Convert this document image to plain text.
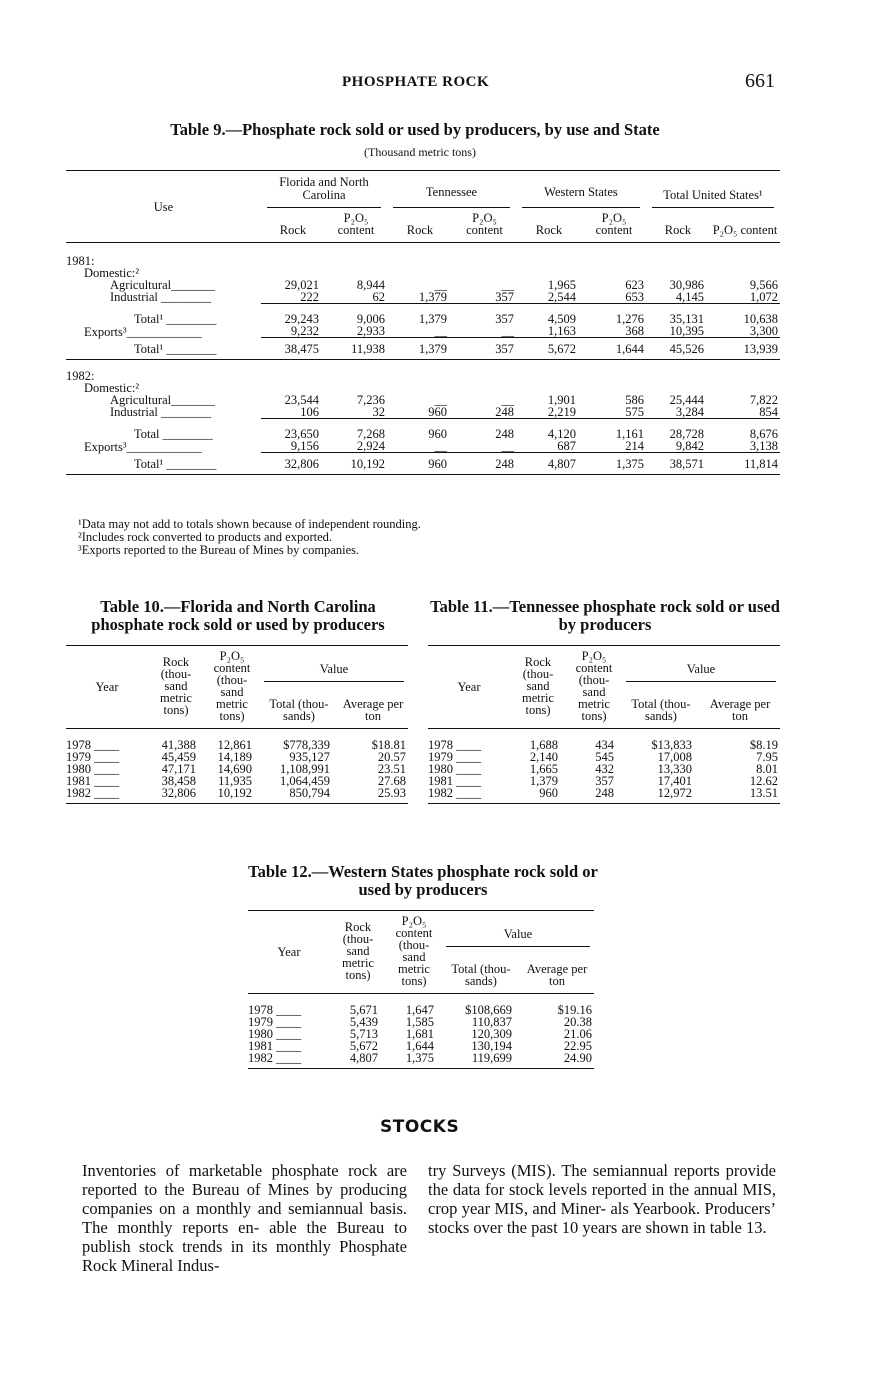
PHOSPHATE ROCK	661
Table 9.—Phosphate rock sold or used by producers, by use and State
(Thousand metric tons)
Use	Florida and North Carolina		Tennessee		Western States		Total United States¹	

	Rock	P₂O₅ content	Rock	P₂O₅ content	Rock	P₂O₅ content	Rock	P₂O₅ content
1981:								
Domestic:²								
Agricultural_______	29,021	8,944	__	__	1,965	623	30,986	9,566
Industrial ________	222	62	1,379	357	2,544	653	4,145	1,072
Total¹ ________	29,243	9,006	1,379	357	4,509	1,276	35,131	10,638
Exports³____________	9,232	2,933	__	__	1,163	368	10,395	3,300
Total¹ ________	38,475	11,938	1,379	357	5,672	1,644	45,526	13,939
1982:								
Domestic:²								
Agricultural_______	23,544	7,236	__	__	1,901	586	25,444	7,822
Industrial ________	106	32	960	248	2,219	575	3,284	854
Total ________	23,650	7,268	960	248	4,120	1,161	28,728	8,676
Exports³____________	9,156	2,924	__	__	687	214	9,842	3,138
Total¹ ________	32,806	10,192	960	248	4,807	1,375	38,571	11,814
¹Data may not add to totals shown because of independent rounding.
²Includes rock converted to products and exported.
³Exports reported to the Bureau of Mines by companies.
Table 10.—Florida and North Carolina phosphate rock sold or used by producers
Year	Rock (thou- sand metric tons)	P₂O₅ content (thou- sand metric tons)	Value	

			Total (thou- sands)	Average per ton
1978 ____	41,388	12,861	$778,339	$18.81
1979 ____	45,459	14,189	935,127	20.57
1980 ____	47,171	14,690	1,108,991	23.51
1981 ____	38,458	11,935	1,064,459	27.68
1982 ____	32,806	10,192	850,794	25.93
Table 11.—Tennessee phosphate rock sold or used by producers
Year	Rock (thou- sand metric tons)	P₂O₅ content (thou- sand metric tons)	Value	

			Total (thou- sands)	Average per ton
1978 ____	1,688	434	$13,833	$8.19
1979 ____	2,140	545	17,008	7.95
1980 ____	1,665	432	13,330	8.01
1981 ____	1,379	357	17,401	12.62
1982 ____	960	248	12,972	13.51
Table 12.—Western States phosphate rock sold or used by producers
Year	Rock (thou- sand metric tons)	P₂O₅ content (thou- sand metric tons)	Value	

			Total (thou- sands)	Average per ton
1978 ____	5,671	1,647	$108,669	$19.16
1979 ____	5,439	1,585	110,837	20.38
1980 ____	5,713	1,681	120,309	21.06
1981 ____	5,672	1,644	130,194	22.95
1982 ____	4,807	1,375	119,699	24.90
STOCKS
Inventories of marketable phosphate rock are reported to the Bureau of Mines by producing companies on a monthly and semiannual basis. The monthly reports en- able the Bureau to publish stock trends in its monthly Phosphate Rock Mineral Indus-
try Surveys (MIS). The semiannual reports provide the data for stock levels reported in the annual MIS, crop year MIS, and Miner- als Yearbook. Producers’ stocks over the past 10 years are shown in table 13.
